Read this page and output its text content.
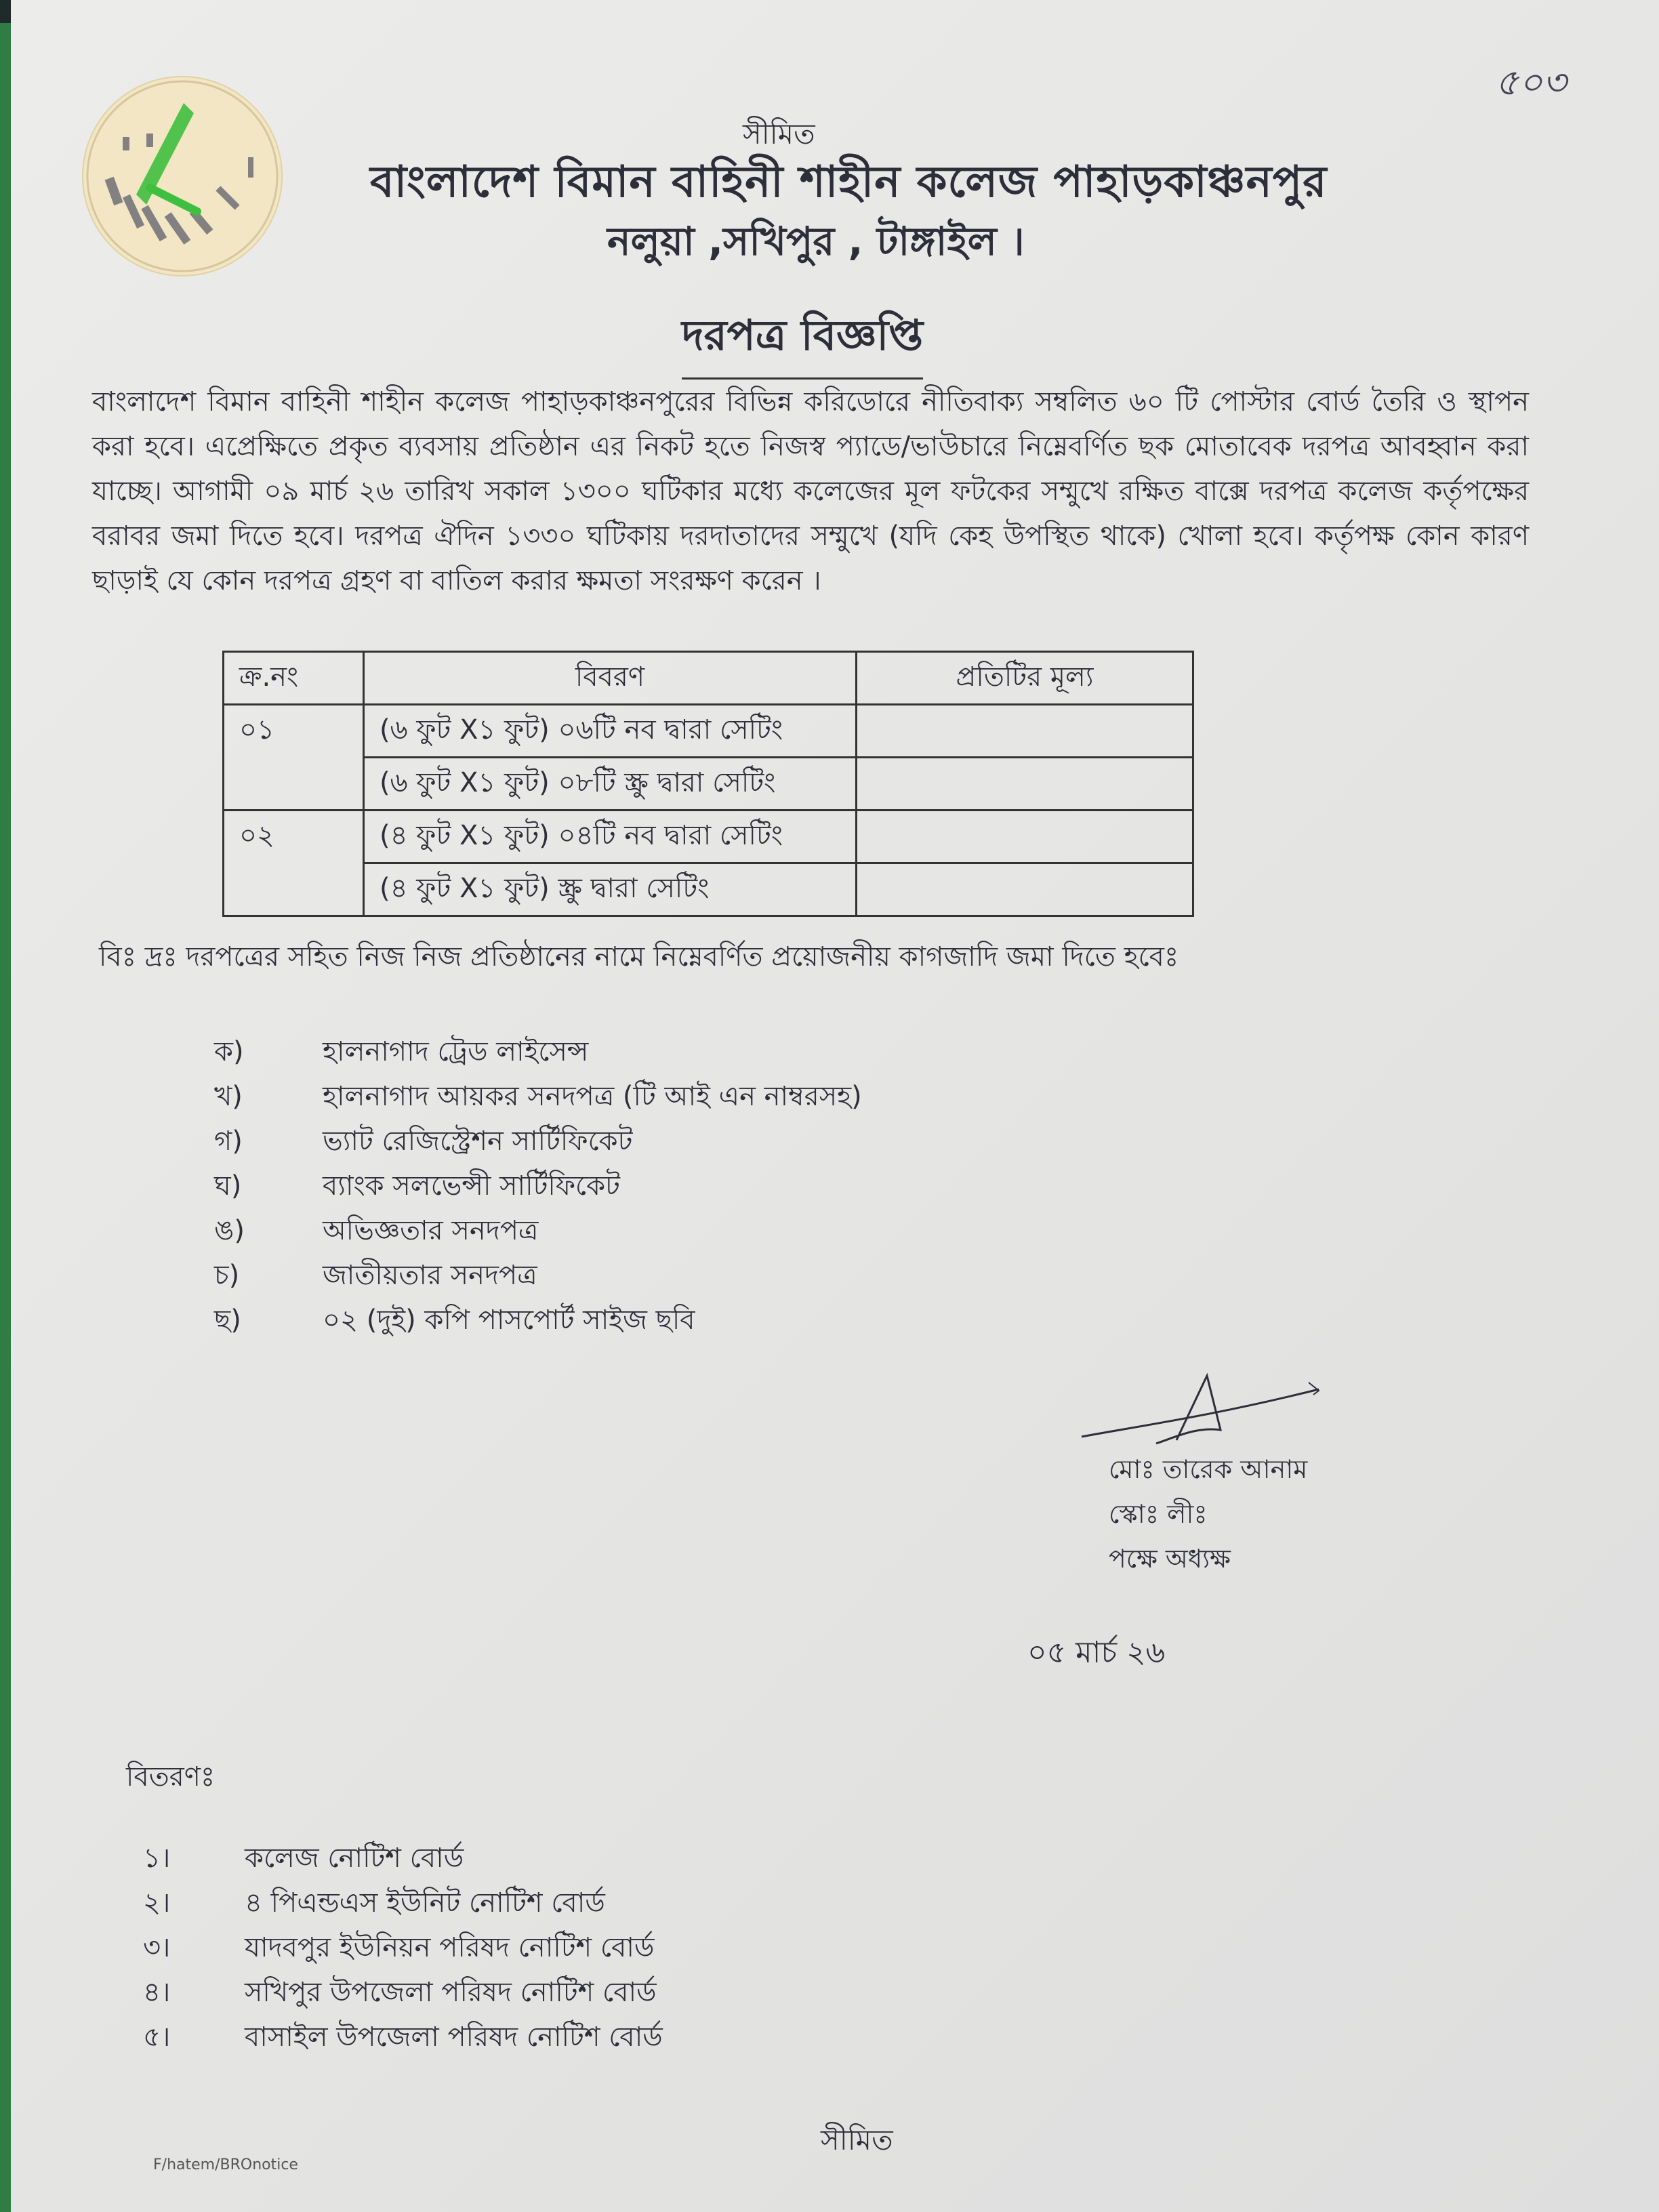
সীমিত
৫০৩
বাংলাদেশ বিমান বাহিনী শাহীন কলেজ পাহাড়কাঞ্চনপুর
নলুয়া ,সখিপুর , টাঙ্গাইল ।
দরপত্র বিজ্ঞপ্তি
বাংলাদেশ বিমান বাহিনী শাহীন কলেজ পাহাড়কাঞ্চনপুরের বিভিন্ন করিডোরে নীতিবাক্য সম্বলিত ৬০ টি পোস্টার বোর্ড তৈরি ও স্থাপন করা হবে। এপ্রেক্ষিতে প্রকৃত ব্যবসায় প্রতিষ্ঠান এর নিকট হতে নিজস্ব প্যাডে/ভাউচারে নিম্নেবর্ণিত ছক মোতাবেক দরপত্র আবহ্বান করা যাচ্ছে। আগামী ০৯ মার্চ ২৬ তারিখ সকাল ১৩০০ ঘটিকার মধ্যে কলেজের মূল ফটকের সম্মুখে রক্ষিত বাক্সে দরপত্র কলেজ কর্তৃপক্ষের বরাবর জমা দিতে হবে। দরপত্র ঐদিন ১৩৩০ ঘটিকায় দরদাতাদের সম্মুখে (যদি কেহ উপস্থিত থাকে) খোলা হবে। কর্তৃপক্ষ কোন কারণ ছাড়াই যে কোন দরপত্র গ্রহণ বা বাতিল করার ক্ষমতা সংরক্ষণ করেন ।
ক্র.নং	বিবরণ	প্রতিটির মূল্য
০১	(৬ ফুট X১ ফুট) ০৬টি নব দ্বারা সেটিং	
	(৬ ফুট X১ ফুট) ০৮টি স্ক্রু দ্বারা সেটিং	
০২	(৪ ফুট X১ ফুট) ০৪টি নব দ্বারা সেটিং	
	(৪ ফুট X১ ফুট) স্ক্রু দ্বারা সেটিং	
বিঃ দ্রঃ দরপত্রের সহিত নিজ নিজ প্রতিষ্ঠানের নামে নিম্নেবর্ণিত প্রয়োজনীয় কাগজাদি জমা দিতে হবেঃ
ক)	হালনাগাদ ট্রেড লাইসেন্স
খ)	হালনাগাদ আয়কর সনদপত্র (টি আই এন নাম্বরসহ)
গ)	ভ্যাট রেজিস্ট্রেশন সার্টিফিকেট
ঘ)	ব্যাংক সলভেন্সী সার্টিফিকেট
ঙ)	অভিজ্ঞতার সনদপত্র
চ)	জাতীয়তার সনদপত্র
ছ)	০২ (দুই) কপি পাসপোর্ট সাইজ ছবি
মোঃ তারেক আনাম
স্কোঃ লীঃ
পক্ষে অধ্যক্ষ
০৫ মার্চ ২৬
বিতরণঃ
১।	কলেজ নোটিশ বোর্ড
২।	৪ পিএন্ডএস ইউনিট নোটিশ বোর্ড
৩।	যাদবপুর ইউনিয়ন পরিষদ নোটিশ বোর্ড
৪।	সখিপুর উপজেলা পরিষদ নোটিশ বোর্ড
৫।	বাসাইল উপজেলা পরিষদ নোটিশ বোর্ড
সীমিত
F/hatem/BROnotice
